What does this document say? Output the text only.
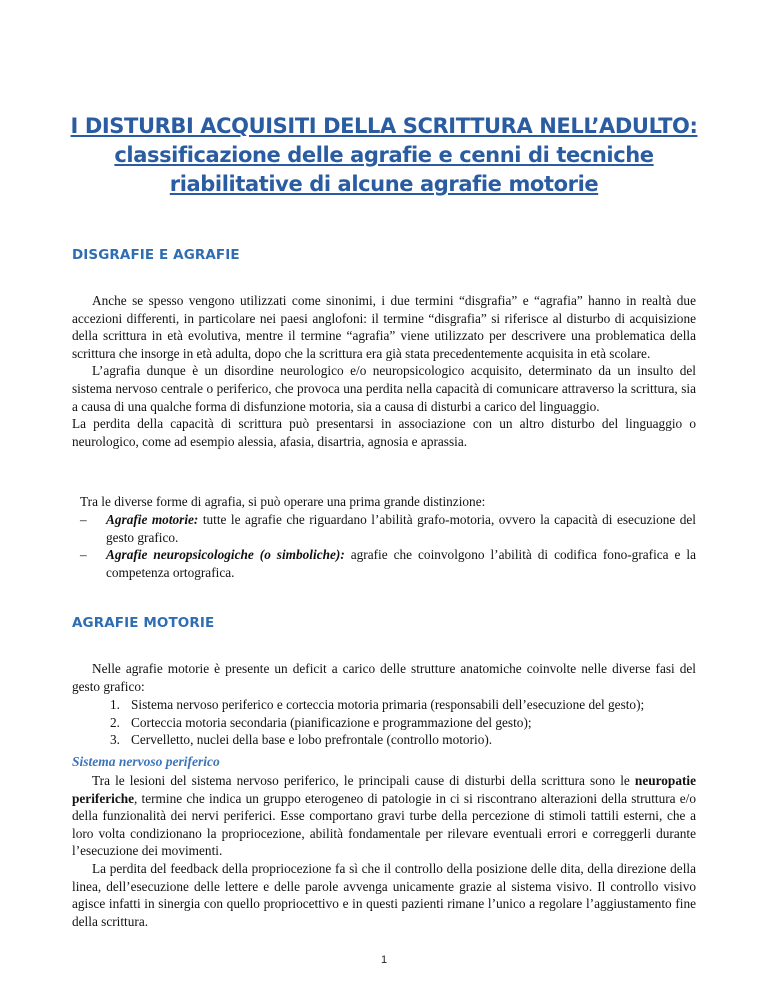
I DISTURBI ACQUISITI DELLA SCRITTURA NELL’ADULTO:
classificazione delle agrafie e cenni di tecniche
riabilitative di alcune agrafie motorie
DISGRAFIE E AGRAFIE

Anche se spesso vengono utilizzati come sinonimi, i due termini “disgrafia” e “agrafia” hanno in realtà due accezioni differenti, in particolare nei paesi anglofoni: il termine “disgrafia” si riferisce al disturbo di acquisizione della scrittura in età evolutiva, mentre il termine “agrafia” viene utilizzato per descrivere una problematica della scrittura che insorge in età adulta, dopo che la scrittura era già stata precedentemente acquisita in età scolare.

L’agrafia dunque è un disordine neurologico e/o neuropsicologico acquisito, determinato da un insulto del sistema nervoso centrale o periferico, che provoca una perdita nella capacità di comunicare attraverso la scrittura, sia a causa di una qualche forma di disfunzione motoria, sia a causa di disturbi a carico del linguaggio.

La perdita della capacità di scrittura può presentarsi in associazione con un altro disturbo del linguaggio o neurologico, come ad esempio alessia, afasia, disartria, agnosia e aprassia.

Tra le diverse forme di agrafia, si può operare una prima grande distinzione:

– Agrafie motorie: tutte le agrafie che riguardano l’abilità grafo-motoria, ovvero la capacità di esecuzione del gesto grafico.
– Agrafie neuropsicologiche (o simboliche): agrafie che coinvolgono l’abilità di codifica fono-grafica e la competenza ortografica.
AGRAFIE MOTORIE

Nelle agrafie motorie è presente un deficit a carico delle strutture anatomiche coinvolte nelle diverse fasi del gesto grafico:

1. Sistema nervoso periferico e corteccia motoria primaria (responsabili dell’esecuzione del gesto);
2. Corteccia motoria secondaria (pianificazione e programmazione del gesto);
3. Cervelletto, nuclei della base e lobo prefrontale (controllo motorio).
Sistema nervoso periferico

Tra le lesioni del sistema nervoso periferico, le principali cause di disturbi della scrittura sono le neuropatie periferiche, termine che indica un gruppo eterogeneo di patologie in ci si riscontrano alterazioni della struttura e/o della funzionalità dei nervi periferici. Esse comportano gravi turbe della percezione di stimoli tattili esterni, che a loro volta condizionano la propriocezione, abilità fondamentale per rilevare eventuali errori e correggerli durante l’esecuzione dei movimenti.

La perdita del feedback della propriocezione fa sì che il controllo della posizione delle dita, della direzione della linea, dell’esecuzione delle lettere e delle parole avvenga unicamente grazie al sistema visivo. Il controllo visivo agisce infatti in sinergia con quello propriocettivo e in questi pazienti rimane l’unico a regolare l’aggiustamento fine della scrittura.

1
